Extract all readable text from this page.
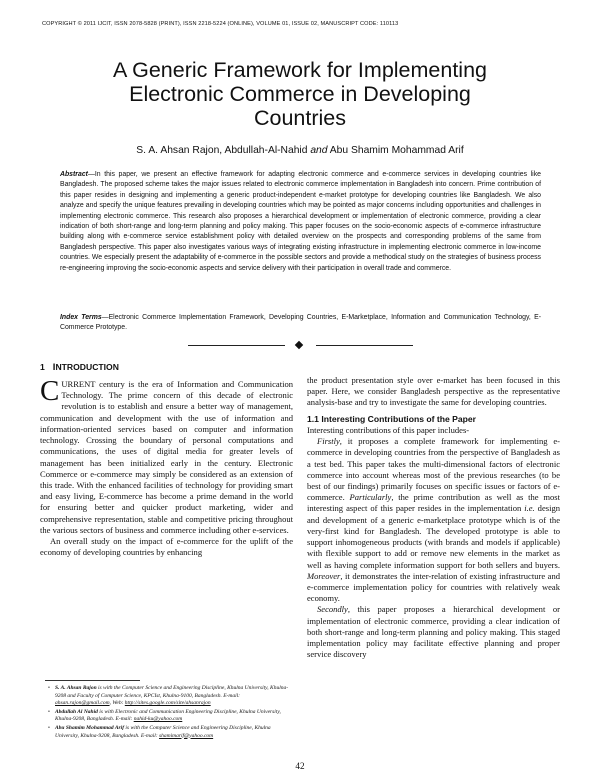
COPYRIGHT © 2011 IJCIT, ISSN 2078-5828 (PRINT), ISSN 2218-5224 (ONLINE), VOLUME 01, ISSUE 02, MANUSCRIPT CODE: 110113
A Generic Framework for Implementing
Electronic Commerce in Developing
Countries
S. A. Ahsan Rajon, Abdullah-Al-Nahid and Abu Shamim Mohammad Arif

Abstract—In this paper, we present an effective framework for adapting electronic commerce and e-commerce services in developing countries like Bangladesh. The proposed scheme takes the major issues related to electronic commerce implementation in Bangladesh into concern. Prime contribution of this paper resides in designing and implementing a generic product-independent e-market prototype for developing countries like Bangladesh. We also analyze and specify the unique features prevailing in developing countries which may be pointed as major concerns including opportunities and challenges in implementing electronic commerce. This research also proposes a hierarchical development or implementation of electronic commerce, providing a clear indication of both short-range and long-term planning and policy making. This paper focuses on the socio-economic aspects of e-commerce infrastructure building along with e-commerce service establishment policy with detailed overview on the prospects and corresponding problems of the same from Bangladesh perspective. This paper also investigates various ways of integrating existing infrastructure in implementing electronic commerce in low-income countries. We especially present the adaptability of e-commerce in the possible sectors and provide a methodical study on the strategies of business process re-engineering improving the socio-economic aspects and service delivery with their participation in overall trade and commerce.

Index Terms—Electronic Commerce Implementation Framework, Developing Countries, E-Marketplace, Information and Communication Technology, E-Commerce Prototype.

1 INTRODUCTION

CURRENT century is the era of Information and Communication Technology. The prime concern of this decade of electronic revolution is to establish and ensure a better way of management, communication and development with the use of information and information-oriented services based on computer and information technology. Crossing the boundary of personal computations and communications, the uses of digital media for greater levels of management has been initialized early in the century. Electronic Commerce or e-commerce may simply be considered as an extension of this trade. With the enhanced facilities of technology for providing smart and easy living, E-commerce has become a prime demand in the world for ensuring better and quicker product marketing, wider and comprehensive representation, stable and competitive pricing throughout the various sectors of business and commerce including other e-services.

An overall study on the impact of e-commerce for the uplift of the economy of developing countries by enhancing

the product presentation style over e-market has been focused in this paper. Here, we consider Bangladesh perspective as the representative analysis-base and try to investigate the same for developing countries.

1.1 Interesting Contributions of the Paper

Interesting contributions of this paper includes-

Firstly, it proposes a complete framework for implementing e-commerce in developing countries from the perspective of Bangladesh as a test bed. This paper takes the multi-dimensional factors of electronic commerce into account whereas most of the previous researches (to be best of our findings) primarily focuses on specific issues or factors of e-commerce. Particularly, the prime contribution as well as the most interesting aspect of this paper resides in the implementation i.e. design and development of a generic e-marketplace prototype which is of the very-first kind for Bangladesh. The developed prototype is able to support inhomogeneous products (with brands and models if applicable) with flexible support to add or remove new elements in the market as well as having complete information support for both sellers and buyers. Moreover, it demonstrates the inter-relation of existing infrastructure and e-commerce implementation policy for countries with relatively weak economy.

Secondly, this paper proposes a hierarchical development or implementation of electronic commerce, providing a clear indication of both short-range and long-term planning and policy making. This staged implementation policy may facilitate effective planning and proper service discovery

• S. A. Ahsan Rajon is with the Computer Science and Engineering Discipline, Khulna University, Khulna-9208 and Faculty of Computer Science, KPCIst, Khulna-9100, Bangladesh. E-mail: ahsan.rajon@gmail.com, Web: http://sites.google.com/site/ahsanrajon
• Abdullah Al Nahid is with Electronic and Communication Engineering Discipline, Khulna University, Khulna-9208, Bangladesh. E-mail: nahid-ku@yahoo.com
• Abu Shamim Mohammad Arif is with the Computer Science and Engineering Discipline, Khulna University, Khulna-9208, Bangladesh. E-mail: shamimarif@yahoo.com
42
